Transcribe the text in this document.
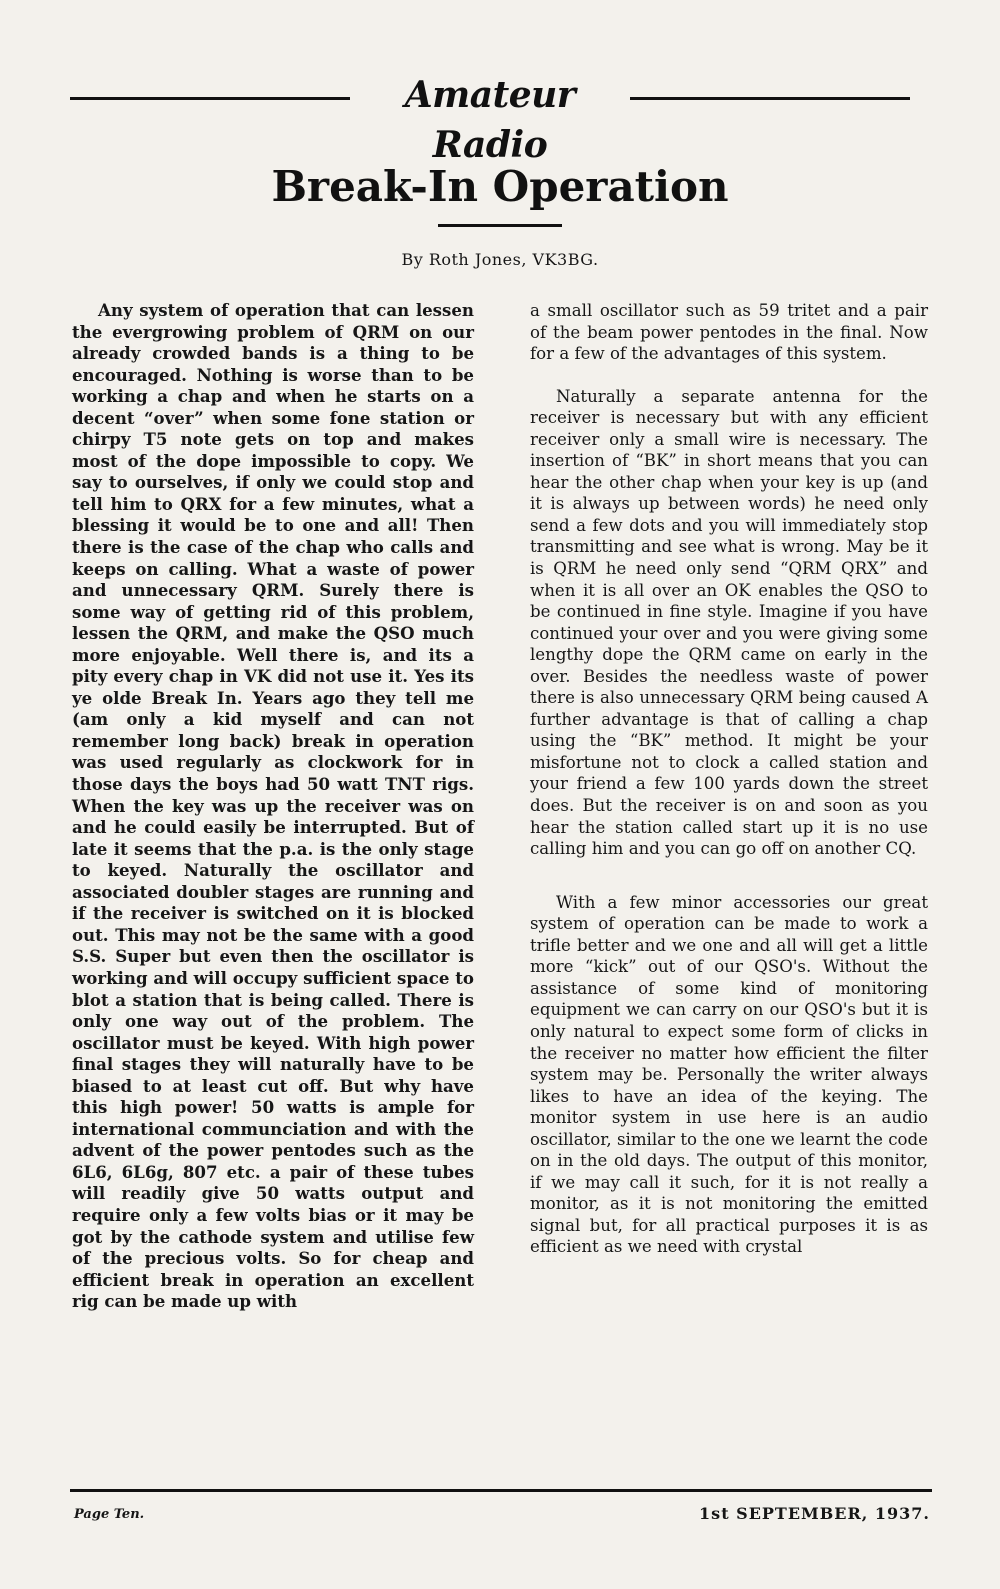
Amateur Radio
Break-In Operation
By Roth Jones, VK3BG.

Any system of operation that can lessen the evergrowing problem of QRM on our already crowded bands is a thing to be encouraged. Nothing is worse than to be working a chap and when he starts on a decent “over” when some fone station or chirpy T5 note gets on top and makes most of the dope impossible to copy. We say to ourselves, if only we could stop and tell him to QRX for a few minutes, what a blessing it would be to one and all! Then there is the case of the chap who calls and keeps on calling. What a waste of power and unnecessary QRM. Surely there is some way of getting rid of this problem, lessen the QRM, and make the QSO much more enjoyable. Well there is, and its a pity every chap in VK did not use it. Yes its ye olde Break In. Years ago they tell me (am only a kid myself and can not remember long back) break in operation was used regularly as clockwork for in those days the boys had 50 watt TNT rigs. When the key was up the receiver was on and he could easily be interrupted. But of late it seems that the p.a. is the only stage to keyed. Naturally the oscillator and associated doubler stages are running and if the receiver is switched on it is blocked out. This may not be the same with a good S.S. Super but even then the oscillator is working and will occupy sufficient space to blot a station that is being called. There is only one way out of the problem. The oscillator must be keyed. With high power final stages they will naturally have to be biased to at least cut off. But why have this high power! 50 watts is ample for international communciation and with the advent of the power pentodes such as the 6L6, 6L6g, 807 etc. a pair of these tubes will readily give 50 watts output and require only a few volts bias or it may be got by the cathode system and utilise few of the precious volts. So for cheap and efficient break in operation an excellent rig can be made up with

a small oscillator such as 59 tritet and a pair of the beam power pentodes in the final. Now for a few of the advantages of this system.

Naturally a separate antenna for the receiver is necessary but with any efficient receiver only a small wire is necessary. The insertion of “BK” in short means that you can hear the other chap when your key is up (and it is always up between words) he need only send a few dots and you will immediately stop transmitting and see what is wrong. May be it is QRM he need only send “QRM QRX” and when it is all over an OK enables the QSO to be continued in fine style. Imagine if you have continued your over and you were giving some lengthy dope the QRM came on early in the over. Besides the needless waste of power there is also unnecessary QRM being caused A further advantage is that of calling a chap using the “BK” method. It might be your misfortune not to clock a called station and your friend a few 100 yards down the street does. But the receiver is on and soon as you hear the station called start up it is no use calling him and you can go off on another CQ.

With a few minor accessories our great system of operation can be made to work a trifle better and we one and all will get a little more “kick” out of our QSO's. Without the assistance of some kind of monitoring equipment we can carry on our QSO's but it is only natural to expect some form of clicks in the receiver no matter how efficient the filter system may be. Personally the writer always likes to have an idea of the keying. The monitor system in use here is an audio oscillator, similar to the one we learnt the code on in the old days. The output of this monitor, if we may call it such, for it is not really a monitor, as it is not monitoring the emitted signal but, for all practical purposes it is as efficient as we need with crystal

Page Ten.	1st SEPTEMBER, 1937.
